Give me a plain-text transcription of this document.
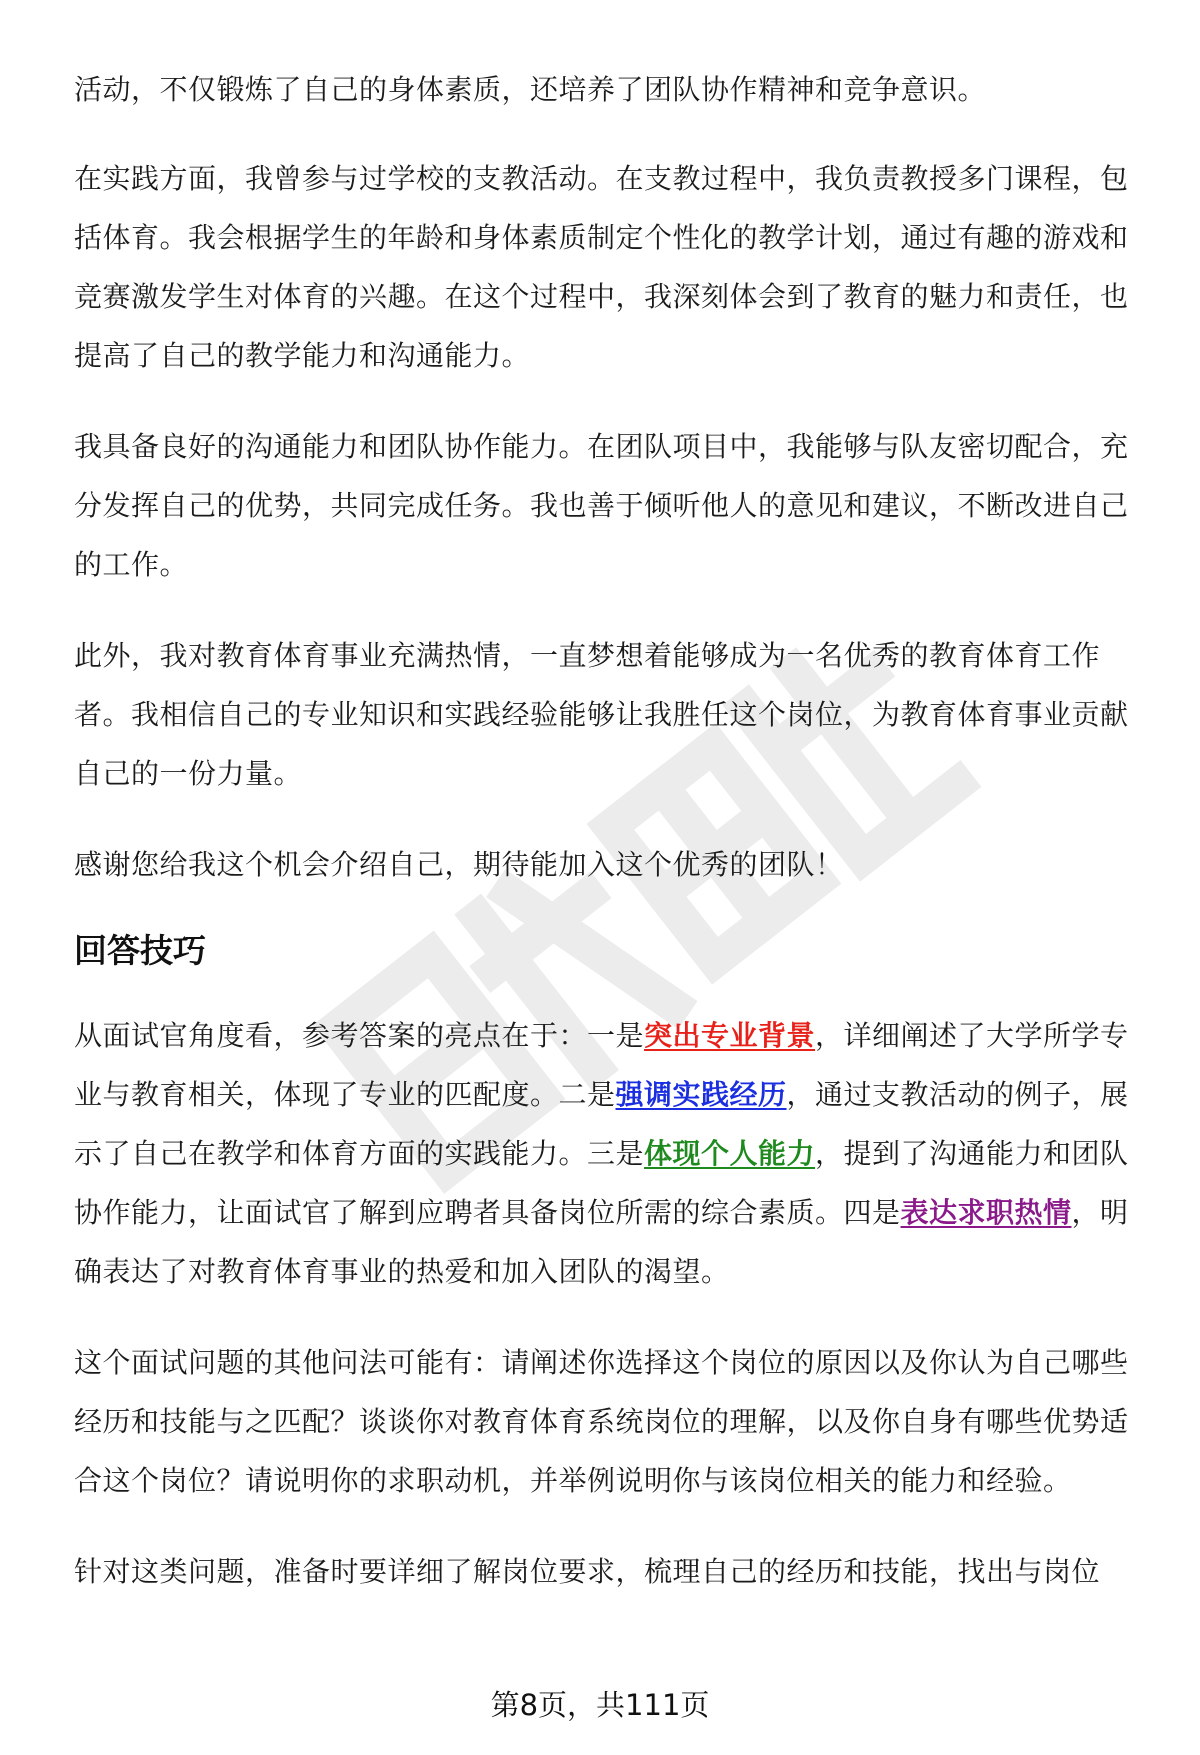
活动，不仅锻炼了自己的身体素质，还培养了团队协作精神和竞争意识。

在实践方面，我曾参与过学校的支教活动。在支教过程中，我负责教授多门课程，包括体育。我会根据学生的年龄和身体素质制定个性化的教学计划，通过有趣的游戏和竞赛激发学生对体育的兴趣。在这个过程中，我深刻体会到了教育的魅力和责任，也提高了自己的教学能力和沟通能力。

我具备良好的沟通能力和团队协作能力。在团队项目中，我能够与队友密切配合，充分发挥自己的优势，共同完成任务。我也善于倾听他人的意见和建议，不断改进自己的工作。

此外，我对教育体育事业充满热情，一直梦想着能够成为一名优秀的教育体育工作者。我相信自己的专业知识和实践经验能够让我胜任这个岗位，为教育体育事业贡献自己的一份力量。

感谢您给我这个机会介绍自己，期待能加入这个优秀的团队！

回答技巧

从面试官角度看，参考答案的亮点在于：一是突出专业背景，详细阐述了大学所学专业与教育相关，体现了专业的匹配度。二是强调实践经历，通过支教活动的例子，展示了自己在教学和体育方面的实践能力。三是体现个人能力，提到了沟通能力和团队协作能力，让面试官了解到应聘者具备岗位所需的综合素质。四是表达求职热情，明确表达了对教育体育事业的热爱和加入团队的渴望。

这个面试问题的其他问法可能有：请阐述你选择这个岗位的原因以及你认为自己哪些经历和技能与之匹配？谈谈你对教育体育系统岗位的理解，以及你自身有哪些优势适合这个岗位？请说明你的求职动机，并举例说明你与该岗位相关的能力和经验。

针对这类问题，准备时要详细了解岗位要求，梳理自己的经历和技能，找出与岗位

第8页，共111页
